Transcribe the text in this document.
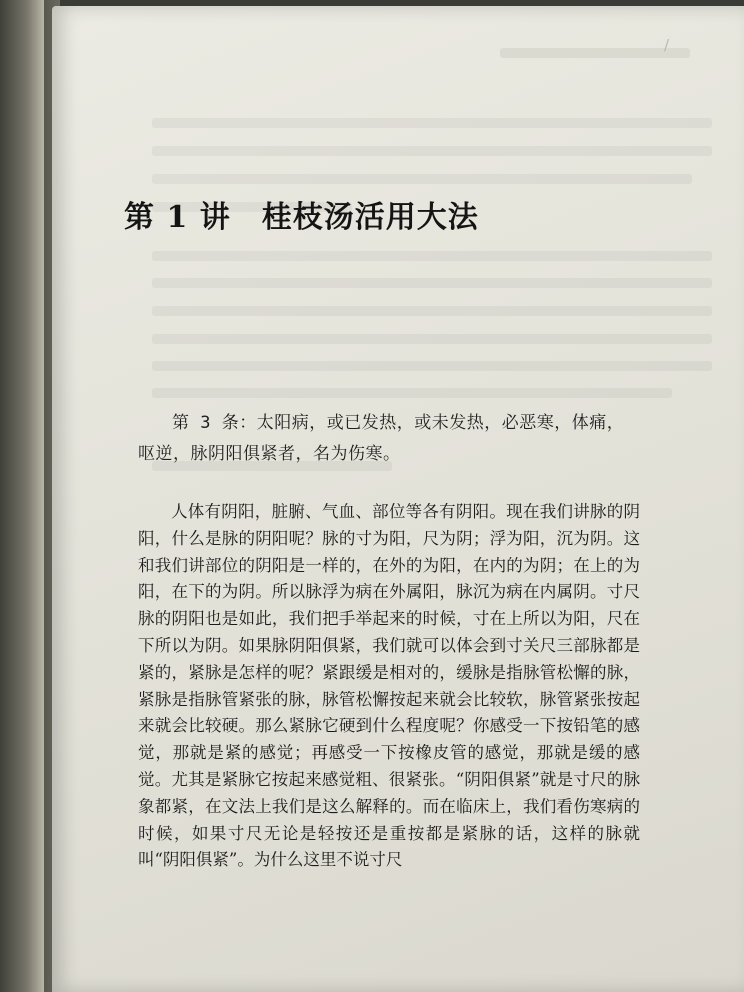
/
第 1 讲　桂枝汤活用大法

第 3 条：太阳病，或已发热，或未发热，必恶寒，体痛，呕逆，脉阴阳俱紧者，名为伤寒。

人体有阴阳，脏腑、气血、部位等各有阴阳。现在我们讲脉的阴阳，什么是脉的阴阳呢？脉的寸为阳，尺为阴；浮为阳，沉为阴。这和我们讲部位的阴阳是一样的，在外的为阳，在内的为阴；在上的为阳，在下的为阴。所以脉浮为病在外属阳，脉沉为病在内属阴。寸尺脉的阴阳也是如此，我们把手举起来的时候，寸在上所以为阳，尺在下所以为阴。如果脉阴阳俱紧，我们就可以体会到寸关尺三部脉都是紧的，紧脉是怎样的呢？紧跟缓是相对的，缓脉是指脉管松懈的脉，紧脉是指脉管紧张的脉，脉管松懈按起来就会比较软，脉管紧张按起来就会比较硬。那么紧脉它硬到什么程度呢？你感受一下按铅笔的感觉，那就是紧的感觉；再感受一下按橡皮管的感觉，那就是缓的感觉。尤其是紧脉它按起来感觉粗、很紧张。“阴阳俱紧”就是寸尺的脉象都紧，在文法上我们是这么解释的。而在临床上，我们看伤寒病的时候，如果寸尺无论是轻按还是重按都是紧脉的话，这样的脉就叫“阴阳俱紧”。为什么这里不说寸尺
